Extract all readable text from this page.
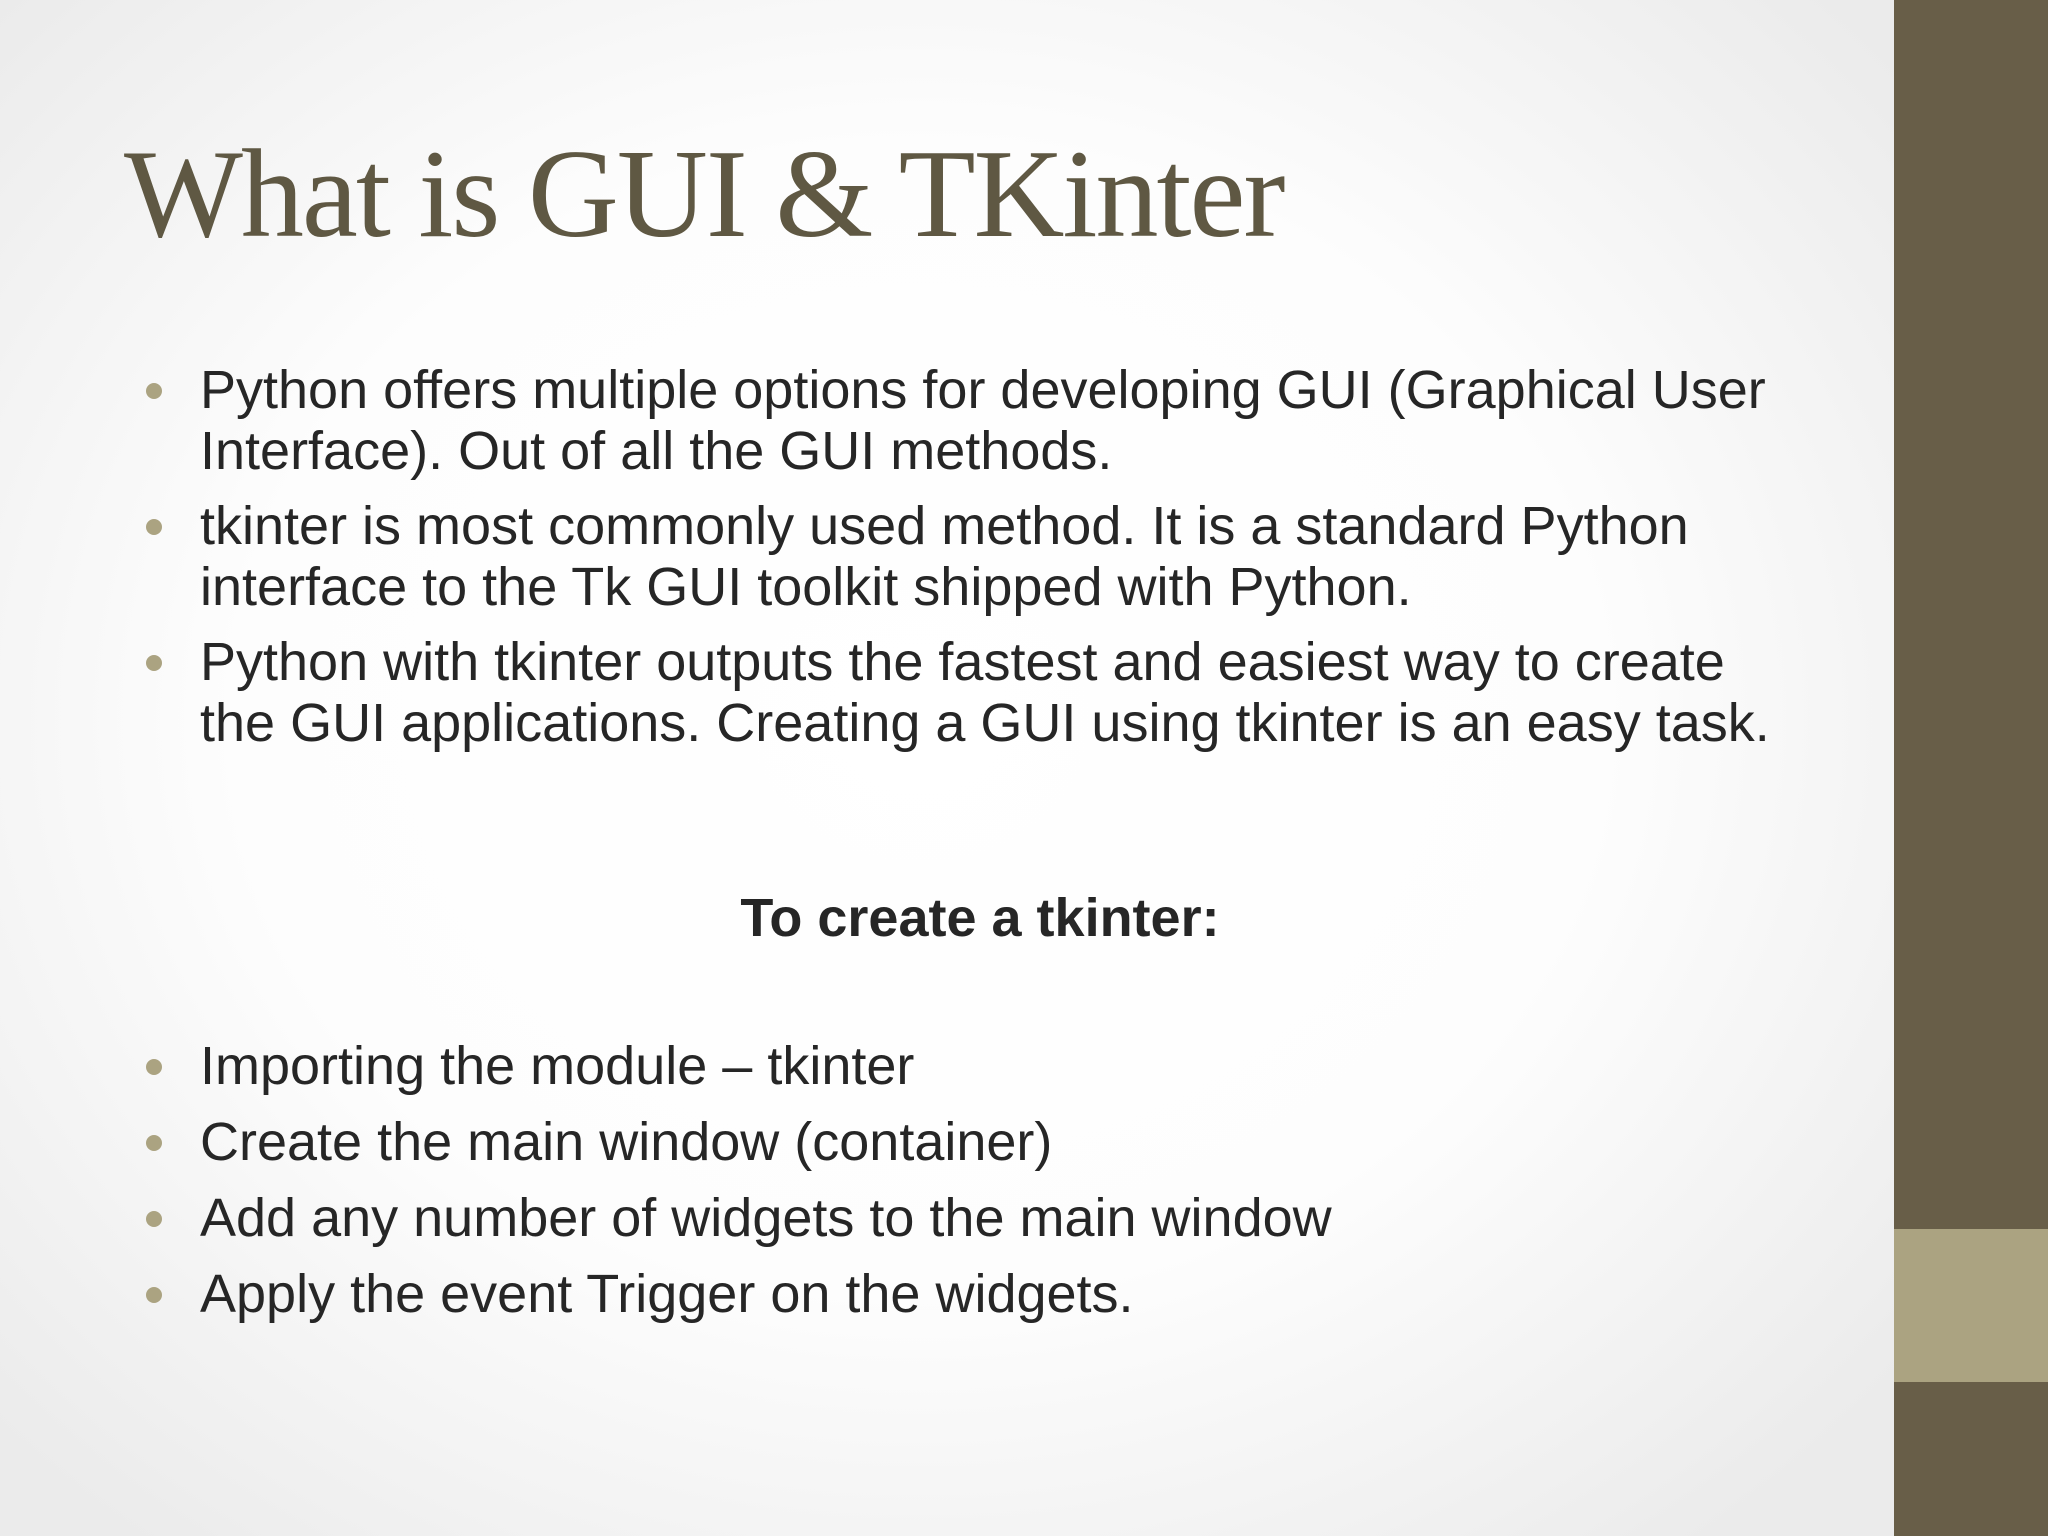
What is GUI & TKinter
Python offers multiple options for developing GUI (Graphical User Interface). Out of all the GUI methods.
tkinter is most commonly used method. It is a standard Python interface to the Tk GUI toolkit shipped with Python.
Python with tkinter outputs the fastest and easiest way to create the GUI applications. Creating a GUI using tkinter is an easy task.
To create a tkinter:
Importing the module – tkinter
Create the main window (container)
Add any number of widgets to the main window
Apply the event Trigger on the widgets.
